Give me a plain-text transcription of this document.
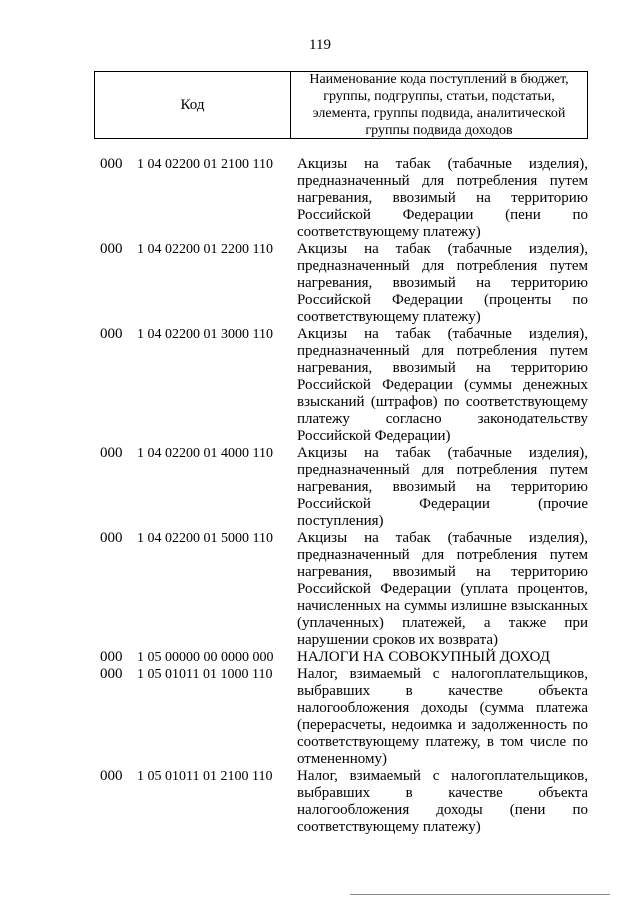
119
Код
Наименование кода поступлений в бюджет, группы, подгруппы, статьи, подстатьи, элемента, группы подвида, аналитической группы подвида доходов
000	1 04 02200 01 2100 110	Акцизы на табак (табачные изделия), предназначенный для потребления путем нагревания, ввозимый на территорию Российской Федерации (пени по соответствующему платежу)
000	1 04 02200 01 2200 110	Акцизы на табак (табачные изделия), предназначенный для потребления путем нагревания, ввозимый на территорию Российской Федерации (проценты по соответствующему платежу)
000	1 04 02200 01 3000 110	Акцизы на табак (табачные изделия), предназначенный для потребления путем нагревания, ввозимый на территорию Российской Федерации (суммы денежных взысканий (штрафов) по соответствующему платежу согласно законодательству Российской Федерации)
000	1 04 02200 01 4000 110	Акцизы на табак (табачные изделия), предназначенный для потребления путем нагревания, ввозимый на территорию Российской Федерации (прочие поступления)
000	1 04 02200 01 5000 110	Акцизы на табак (табачные изделия), предназначенный для потребления путем нагревания, ввозимый на территорию Российской Федерации (уплата процентов, начисленных на суммы излишне взысканных (уплаченных) платежей, а также при нарушении сроков их возврата)
000	1 05 00000 00 0000 000	НАЛОГИ НА СОВОКУПНЫЙ ДОХОД
000	1 05 01011 01 1000 110	Налог, взимаемый с налогоплательщиков, выбравших в качестве объекта налогообложения доходы (сумма платежа (перерасчеты, недоимка и задолженность по соответствующему платежу, в том числе по отмененному)
000	1 05 01011 01 2100 110	Налог, взимаемый с налогоплательщиков, выбравших в качестве объекта налогообложения доходы (пени по соответствующему платежу)
